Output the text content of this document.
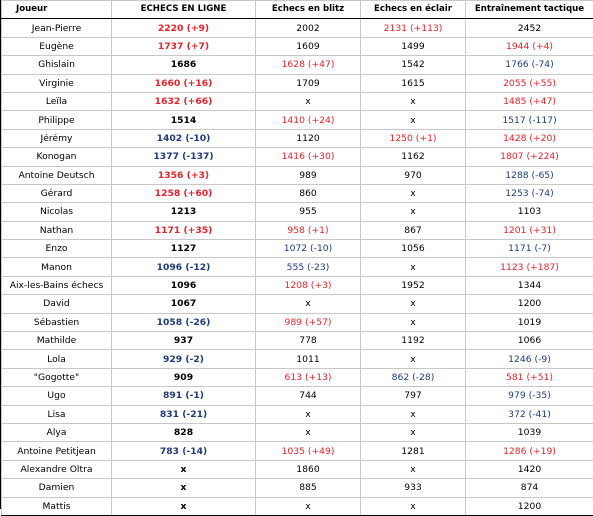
Joueur	ECHECS EN LIGNE	Echecs en blitz	Echecs en éclair	Entraînement tactique
Jean-Pierre	2220 (+9)	2002	2131 (+113)	2452
Eugène	1737 (+7)	1609	1499	1944 (+4)
Ghislain	1686	1628 (+47)	1542	1766 (-74)
Virginie	1660 (+16)	1709	1615	2055 (+55)
Leïla	1632 (+66)	x	x	1485 (+47)
Philippe	1514	1410 (+24)	x	1517 (-117)
Jérémy	1402 (-10)	1120	1250 (+1)	1428 (+20)
Konogan	1377 (-137)	1416 (+30)	1162	1807 (+224)
Antoine Deutsch	1356 (+3)	989	970	1288 (-65)
Gérard	1258 (+60)	860	x	1253 (-74)
Nicolas	1213	955	x	1103
Nathan	1171 (+35)	958 (+1)	867	1201 (+31)
Enzo	1127	1072 (-10)	1056	1171 (-7)
Manon	1096 (-12)	555 (-23)	x	1123 (+187)
Aix-les-Bains échecs	1096	1208 (+3)	1952	1344
David	1067	x	x	1200
Sébastien	1058 (-26)	989 (+57)	x	1019
Mathilde	937	778	1192	1066
Lola	929 (-2)	1011	x	1246 (-9)
"Gogotte"	909	613 (+13)	862 (-28)	581 (+51)
Ugo	891 (-1)	744	797	979 (-35)
Lisa	831 (-21)	x	x	372 (-41)
Alya	828	x	x	1039
Antoine Petitjean	783 (-14)	1035 (+49)	1281	1286 (+19)
Alexandre Oltra	x	1860	x	1420
Damien	x	885	933	874
Mattis	x	x	x	1200
